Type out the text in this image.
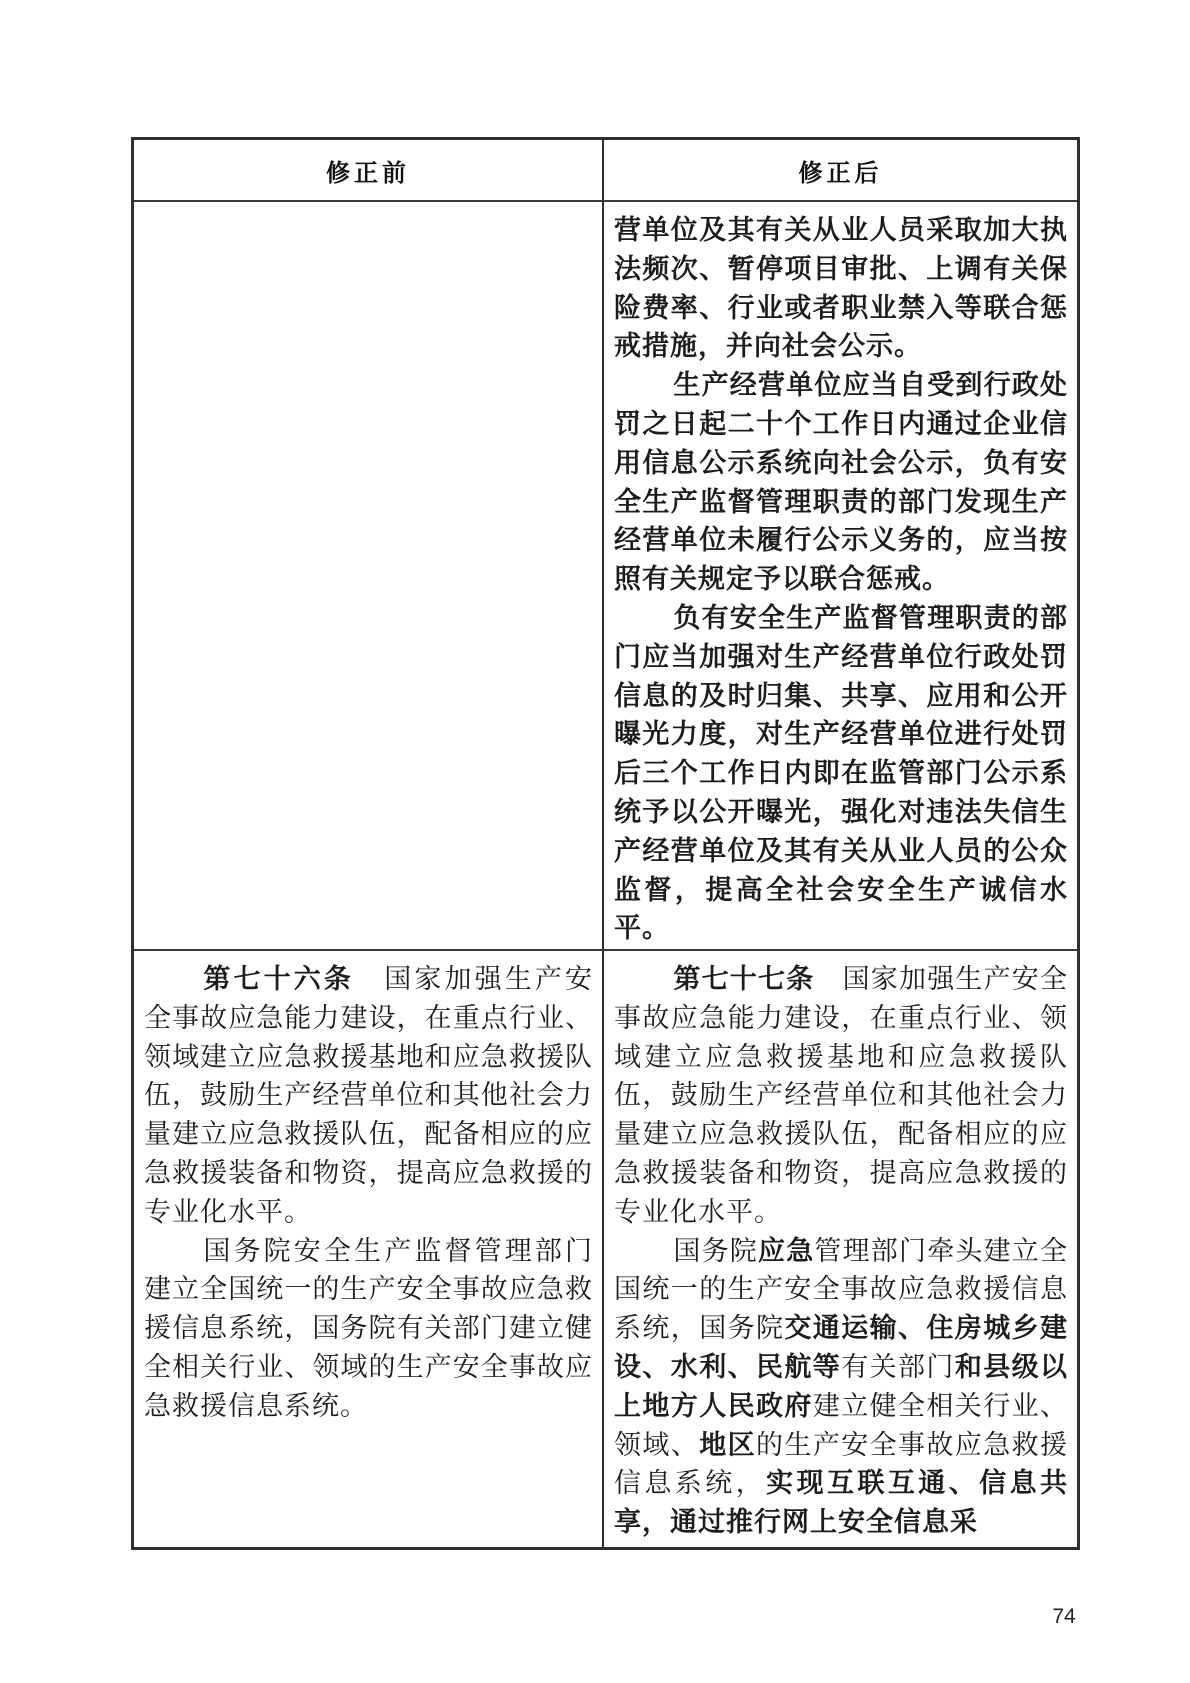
修正前	修正后

营单位及其有关从业人员采取加大执法频次、暂停项目审批、上调有关保险费率、行业或者职业禁入等联合惩戒措施，并向社会公示。

生产经营单位应当自受到行政处罚之日起二十个工作日内通过企业信用信息公示系统向社会公示，负有安全生产监督管理职责的部门发现生产经营单位未履行公示义务的，应当按照有关规定予以联合惩戒。

负有安全生产监督管理职责的部门应当加强对生产经营单位行政处罚信息的及时归集、共享、应用和公开曝光力度，对生产经营单位进行处罚后三个工作日内即在监管部门公示系统予以公开曝光，强化对违法失信生产经营单位及其有关从业人员的公众监督，提高全社会安全生产诚信水平。

第七十六条　国家加强生产安全事故应急能力建设，在重点行业、领域建立应急救援基地和应急救援队伍，鼓励生产经营单位和其他社会力量建立应急救援队伍，配备相应的应急救援装备和物资，提高应急救援的专业化水平。

国务院安全生产监督管理部门建立全国统一的生产安全事故应急救援信息系统，国务院有关部门建立健全相关行业、领域的生产安全事故应急救援信息系统。

第七十七条　国家加强生产安全事故应急能力建设，在重点行业、领域建立应急救援基地和应急救援队伍，鼓励生产经营单位和其他社会力量建立应急救援队伍，配备相应的应急救援装备和物资，提高应急救援的专业化水平。

国务院应急管理部门牵头建立全国统一的生产安全事故应急救援信息系统，国务院交通运输、住房城乡建设、水利、民航等有关部门和县级以上地方人民政府建立健全相关行业、领域、地区的生产安全事故应急救援信息系统，实现互联互通、信息共享，通过推行网上安全信息采

74
